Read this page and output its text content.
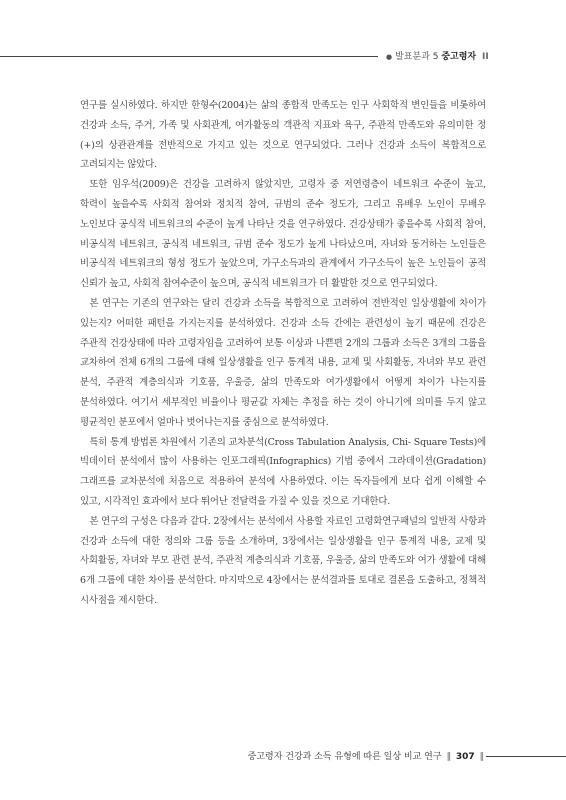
● 발표분과 5 중고령자 II

연구를 실시하였다. 하지만 한형수(2004)는 삶의 종합적 만족도는 인구 사회학적 변인들을 비롯하여 건강과 소득, 주거, 가족 및 사회관계, 여가활동의 객관적 지표와 욕구, 주관적 만족도와 유의미한 정(+)의 상관관계를 전반적으로 가지고 있는 것으로 연구되었다. 그러나 건강과 소득이 복합적으로 고려되지는 않았다.

또한 임우석(2009)은 건강을 고려하지 않았지만, 고령자 중 저연령층이 네트워크 수준이 높고, 학력이 높을수록 사회적 참여와 정치적 참여, 규범의 준수 정도가, 그리고 유배우 노인이 무배우 노인보다 공식적 네트워크의 수준이 높게 나타난 것을 연구하였다. 건강상태가 좋을수록 사회적 참여, 비공식적 네트워크, 공식적 네트워크, 규범 준수 정도가 높게 나타났으며, 자녀와 동거하는 노인들은 비공식적 네트워크의 형성 정도가 높았으며, 가구소득과의 관계에서 가구소득이 높은 노인들이 공적 신뢰가 높고, 사회적 참여수준이 높으며, 공식적 네트워크가 더 활발한 것으로 연구되었다.

본 연구는 기존의 연구와는 달리 건강과 소득을 복합적으로 고려하여 전반적인 일상생활에 차이가 있는지? 어떠한 패턴을 가지는지를 분석하였다. 건강과 소득 간에는 관련성이 높기 때문에 건강은 주관적 건강상태에 따라 고령자임을 고려하여 보통 이상과 나쁜편 2개의 그룹과 소득은 3개의 그룹을 교차하여 전체 6개의 그룹에 대해 일상생활을 인구 통계적 내용, 교제 및 사회활동, 자녀와 부모 관련 분석, 주관적 계층의식과 기호품, 우울증, 삶의 만족도와 여가생활에서 어떻게 차이가 나는지를 분석하였다. 여기서 세부적인 비율이나 평균값 자체는 추정을 하는 것이 아니기에 의미를 두지 않고 평균적인 분포에서 얼마나 벗어나는지를 중심으로 분석하였다.

특히 통계 방법론 차원에서 기존의 교차분석(Cross Tabulation Analysis, Chi- Square Tests)에 빅데이터 분석에서 많이 사용하는 인포그래픽(Infographics) 기법 중에서 그라데이션(Gradation) 그래프를 교차분석에 처음으로 적용하여 분석에 사용하였다. 이는 독자들에게 보다 쉽게 이해할 수 있고, 시각적인 효과에서 보다 뛰어난 전달력을 가질 수 있을 것으로 기대한다.

본 연구의 구성은 다음과 같다. 2장에서는 분석에서 사용할 자료인 고령화연구패널의 일반적 사항과 건강과 소득에 대한 정의와 그룹 등을 소개하며, 3장에서는 일상생활을 인구 통계적 내용, 교제 및 사회활동, 자녀와 부모 관련 분석, 주관적 계층의식과 기호품, 우울증, 삶의 만족도와 여가 생활에 대해 6개 그룹에 대한 차이를 분석한다. 마지막으로 4장에서는 분석결과를 토대로 결론을 도출하고, 정책적 시사점을 제시한다.

중고령자 건강과 소득 유형에 따른 일상 비교 연구 ‖ 307 ‖
